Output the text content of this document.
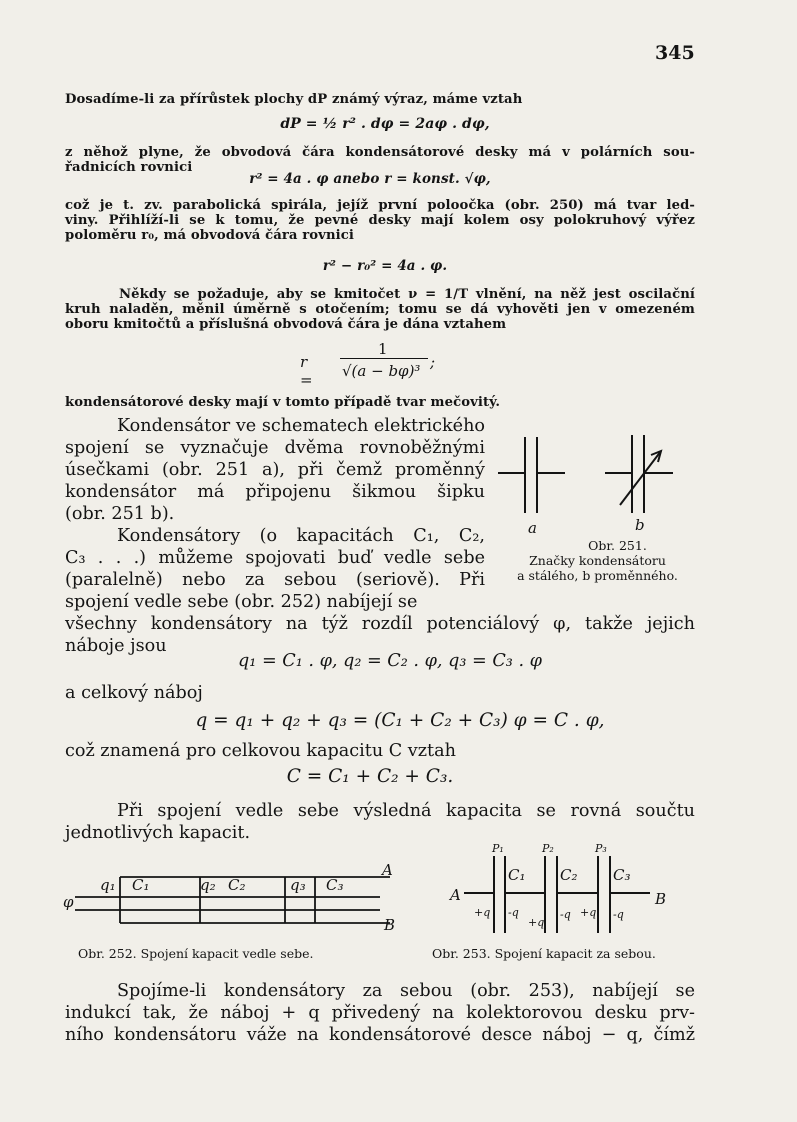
345
Dosadíme-li za přírůstek plochy dP známý výraz, máme vztah
dP = ½ r² . dφ = 2aφ . dφ,
z něhož plyne, že obvodová čára kondensátorové desky má v polárních sou-
řadnicích rovnici
r² = 4a . φ anebo r = konst. √φ,
což je t. zv. parabolická spirála, jejíž první poloočka (obr. 250) má tvar led-
viny. Přihlíží-li se k tomu, že pevné desky mají kolem osy polokruhový výřez
poloměru r₀, má obvodová čára rovnici
r² − r₀² = 4a . φ.
Někdy se požaduje, aby se kmitočet ν = 1/T vlnění, na něž jest oscilační
kruh naladěn, měnil úměrně s otočením; tomu se dá vyhověti jen v omezeném
oboru kmitočtů a příslušná obvodová čára je dána vztahem
r =
1
√(a − bφ)³ ;
kondensátorové desky mají v tomto případě tvar mečovitý.
Kondensátor ve schematech elektrického
spojení se vyznačuje dvěma rovnoběžnými
úsečkami (obr. 251 a), při čemž proměnný
kondensátor má připojenu šikmou šipku
(obr. 251 b).
Kondensátory (o kapacitách C₁, C₂,
C₃ . . .) můžeme spojovati buď vedle sebe
(paralelně) nebo za sebou (seriově). Při
spojení vedle sebe (obr. 252) nabíjejí se
a	b
Obr. 251.
Značky kondensátoru
a stálého, b proměnného.
všechny kondensátory na týž rozdíl potenciálový φ, takže jejich
náboje jsou
q₁ = C₁ . φ, q₂ = C₂ . φ, q₃ = C₃ . φ
a celkový náboj
q = q₁ + q₂ + q₃ = (C₁ + C₂ + C₃) φ = C . φ,
což znamená pro celkovou kapacitu C vztah
C = C₁ + C₂ + C₃.
Při spojení vedle sebe výsledná kapacita se rovná součtu
jednotlivých kapacit.
φ
q₁ C₁	q₂ C₂	q₃ C₃
A
B
Obr. 252. Spojení kapacit vedle sebe.
P₁	P₂	P₃
C₁ C₂ C₃
A	B
+q -q
+q
-q +q -q
Obr. 253. Spojení kapacit za sebou.
Spojíme-li kondensátory za sebou (obr. 253), nabíjejí se
indukcí tak, že náboj + q přivedený na kolektorovou desku prv-
ního kondensátoru váže na kondensátorové desce náboj − q, čímž
